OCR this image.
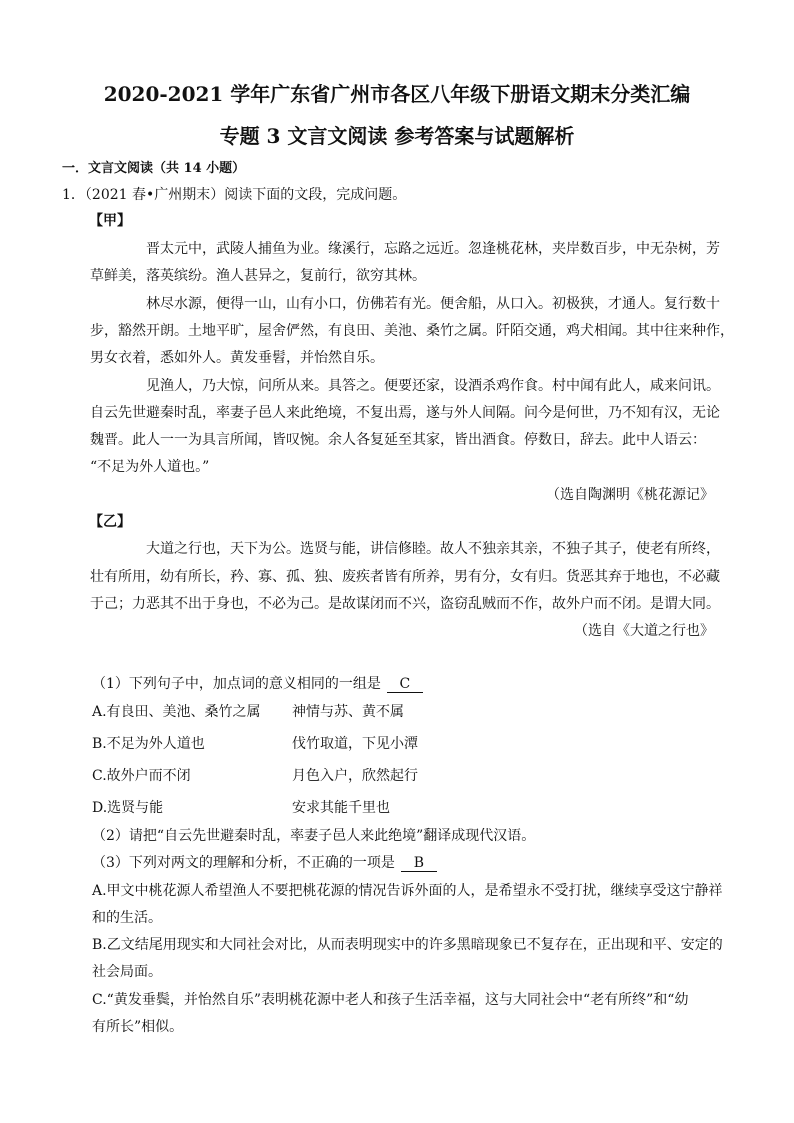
2020-2021 学年广东省广州市各区八年级下册语文期末分类汇编
专题 3 文言文阅读 参考答案与试题解析
一．文言文阅读（共 14 小题）
1．（2021 春•广州期末）阅读下面的文段，完成问题。
【甲】
晋太元中，武陵人捕鱼为业。缘溪行，忘路之远近。忽逢桃花林，夹岸数百步，中无杂树，芳
草鲜美，落英缤纷。渔人甚异之，复前行，欲穷其林。
林尽水源，便得一山，山有小口，仿佛若有光。便舍船，从口入。初极狭，才通人。复行数十
步，豁然开朗。土地平旷，屋舍俨然，有良田、美池、桑竹之属。阡陌交通，鸡犬相闻。其中往来种作，
男女衣着，悉如外人。黄发垂髫，并怡然自乐。
见渔人，乃大惊，问所从来。具答之。便要还家，设酒杀鸡作食。村中闻有此人，咸来问讯。
自云先世避秦时乱，率妻子邑人来此绝境，不复出焉，遂与外人间隔。问今是何世，乃不知有汉，无论
魏晋。此人一一为具言所闻，皆叹惋。余人各复延至其家，皆出酒食。停数日，辞去。此中人语云：
“不足为外人道也。”
（选自陶渊明《桃花源记》
【乙】
大道之行也，天下为公。选贤与能，讲信修睦。故人不独亲其亲，不独子其子，使老有所终，
壮有所用，幼有所长，矜、寡、孤、独、废疾者皆有所养，男有分，女有归。货恶其弃于地也，不必藏
于己；力恶其不出于身也，不必为己。是故谋闭而不兴，盗窃乱贼而不作，故外户而不闭。是谓大同。
（选自《大道之行也》
（1）下列句子中，加点词的意义相同的一组是 C
A.有良田、美池、桑竹之属 神情与苏、黄不属
B.不足为外人道也	伐竹取道，下见小潭
C.故外户而不闭	月色入户，欣然起行
D.选贤与能	安求其能千里也
（2）请把“自云先世避秦时乱，率妻子邑人来此绝境”翻译成现代汉语。
（3）下列对两文的理解和分析，不正确的一项是 B
A.甲文中桃花源人希望渔人不要把桃花源的情况告诉外面的人，是希望永不受打扰，继续享受这宁静祥
和的生活。
B.乙文结尾用现实和大同社会对比，从而表明现实中的许多黑暗现象已不复存在，正出现和平、安定的
社会局面。
C.“黄发垂鬓，并怡然自乐”表明桃花源中老人和孩子生活幸福，这与大同社会中“老有所终”和“幼
有所长”相似。
